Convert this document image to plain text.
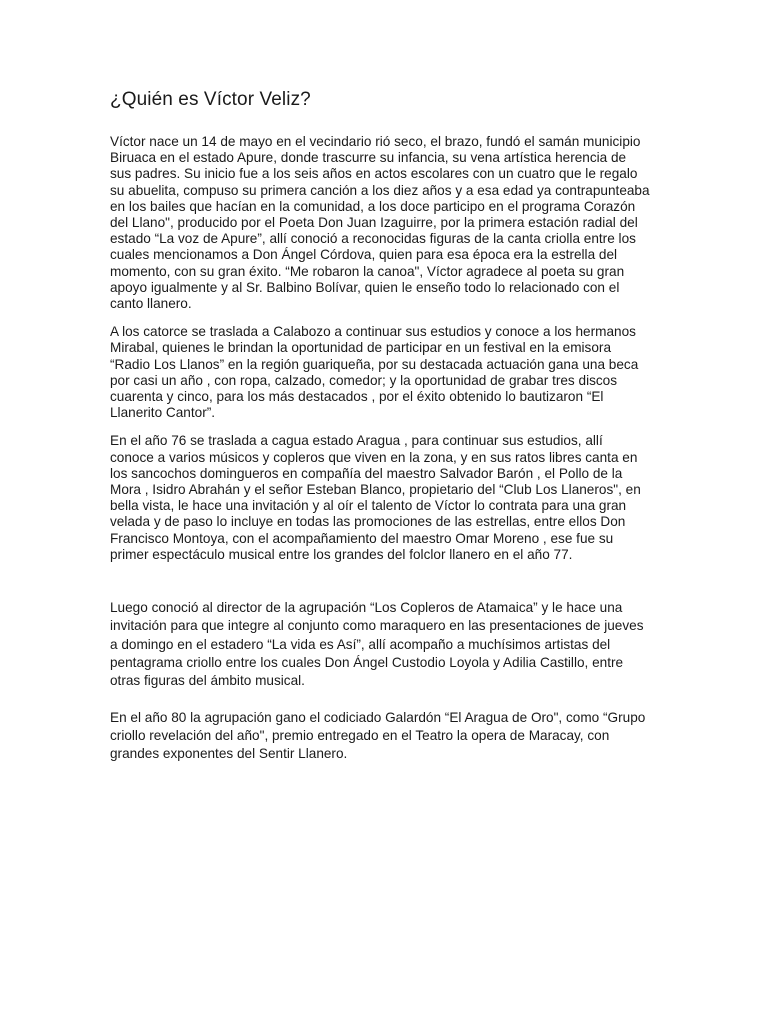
¿Quién es Víctor Veliz?

Víctor nace un 14 de mayo en el vecindario rió seco, el brazo, fundó el samán municipio Biruaca en el estado Apure, donde trascurre su infancia, su vena artística herencia de sus padres. Su inicio fue a los seis años en actos escolares con un cuatro que le regalo su abuelita, compuso su primera canción a los diez años y a esa edad ya contrapunteaba en los bailes que hacían en la comunidad, a los doce participo en el programa Corazón del Llano", producido por el Poeta Don Juan Izaguirre, por la primera estación radial del estado “La voz de Apure”, allí conoció a reconocidas figuras de la canta criolla entre los cuales mencionamos a Don Ángel Córdova, quien para esa época era la estrella del momento, con su gran éxito. “Me robaron la canoa", Víctor agradece al poeta su gran apoyo igualmente y al Sr. Balbino Bolívar, quien le enseño todo lo relacionado con el canto llanero.

A los catorce se traslada a Calabozo a continuar sus estudios y conoce a los hermanos Mirabal, quienes le brindan la oportunidad de participar en un festival en la emisora “Radio Los Llanos” en la región guariqueña, por su destacada actuación gana una beca por casi un año , con ropa, calzado, comedor; y la oportunidad de grabar tres discos cuarenta y cinco, para los más destacados , por el éxito obtenido lo bautizaron “El Llanerito Cantor”.

En el año 76 se traslada a cagua estado Aragua , para continuar sus estudios, allí conoce a varios músicos y copleros que viven en la zona, y en sus ratos libres canta en los sancochos domingueros en compañía del maestro Salvador Barón , el Pollo de la Mora , Isidro Abrahán y el señor Esteban Blanco, propietario del “Club Los Llaneros", en bella vista, le hace una invitación y al oír el talento de Víctor lo contrata para una gran velada y de paso lo incluye en todas las promociones de las estrellas, entre ellos Don Francisco Montoya, con el acompañamiento del maestro Omar Moreno , ese fue su primer espectáculo musical entre los grandes del folclor llanero en el año 77.

Luego conoció al director de la agrupación “Los Copleros de Atamaica” y le hace una invitación para que integre al conjunto como maraquero en las presentaciones de jueves a domingo en el estadero “La vida es Así”, allí acompaño a muchísimos artistas del pentagrama criollo entre los cuales Don Ángel Custodio Loyola y Adilia Castillo, entre otras figuras del ámbito musical.

En el año 80 la agrupación gano el codiciado Galardón “El Aragua de Oro", como “Grupo criollo revelación del año", premio entregado en el Teatro la opera de Maracay, con grandes exponentes del Sentir Llanero.
